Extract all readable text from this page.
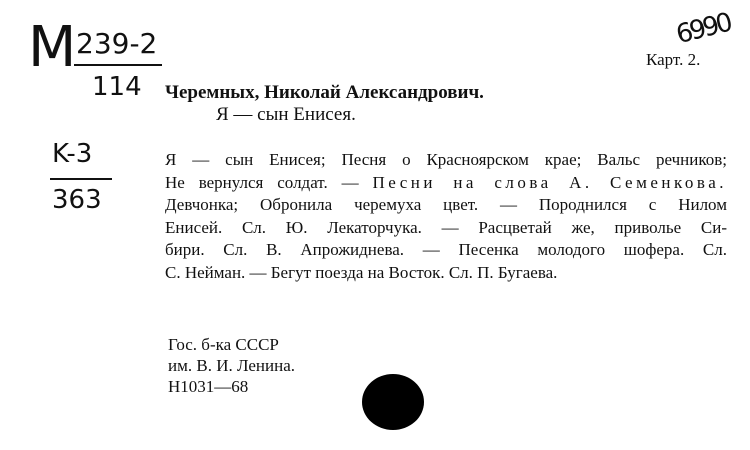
M 239-2
114
K-3
363
6990
Карт. 2.
Черемных, Николай Александрович.
Я — сын Енисея.
Я — сын Енисея; Песня о Красноярском крае; Вальс речников;
Не вернулся солдат. — Песни на слова А. Семенкова.
Девчонка; Обронила черемуха цвет. — Породнился с Нилом
Енисей. Сл. Ю. Лекаторчука. — Расцветай же, приволье Си-
бири. Сл. В. Апрожиднева. — Песенка молодого шофера. Сл.
С. Нейман. — Бегут поезда на Восток. Сл. П. Бугаева.
Гос. б-ка СССР
им. В. И. Ленина.
Н1031—68
